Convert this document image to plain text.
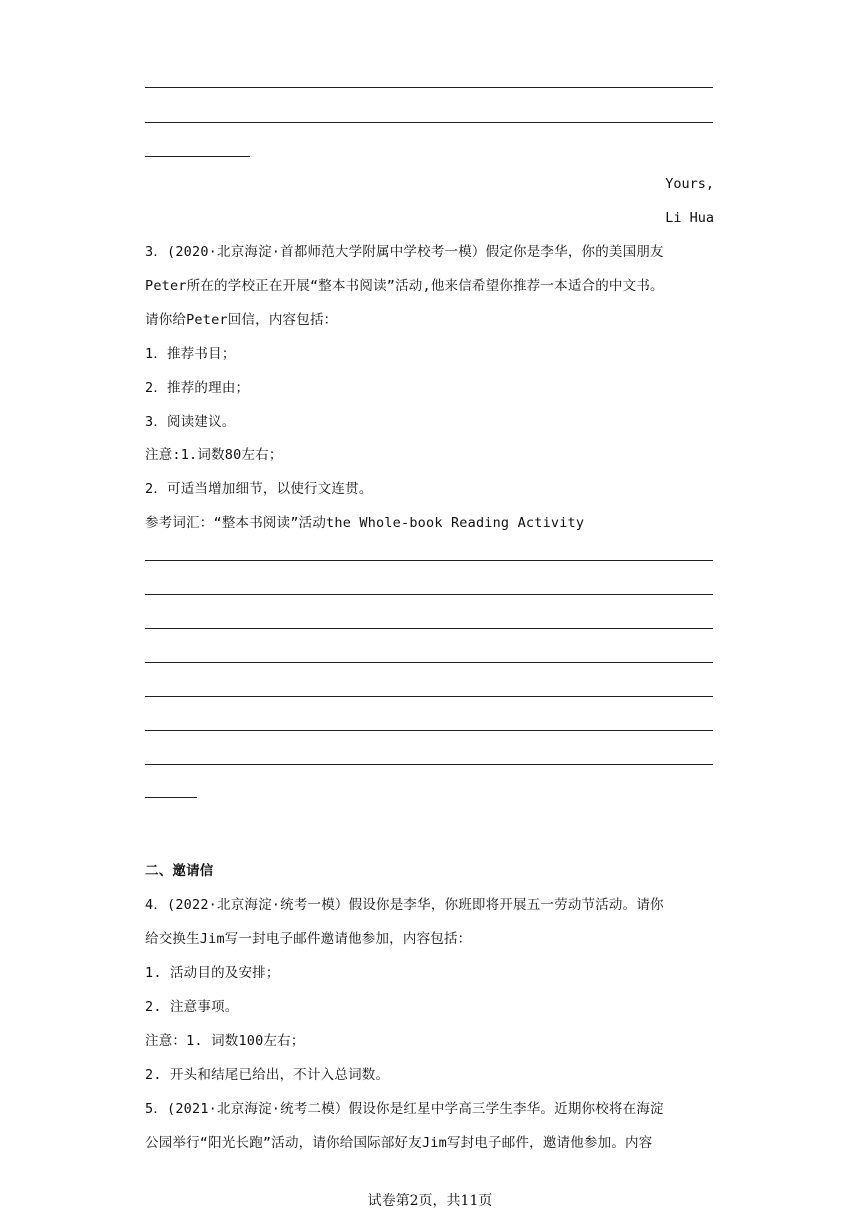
Yours,
Li Hua
3．(2020·北京海淀·首都师范大学附属中学校考一模）假定你是李华，你的美国朋友
Peter所在的学校正在开展“整本书阅读”活动,他来信希望你推荐一本适合的中文书。
请你给Peter回信，内容包括：
1．推荐书目；
2．推荐的理由；
3．阅读建议。
注意:1.词数80左右；
2．可适当增加细节，以使行文连贯。
参考词汇：“整本书阅读”活动the Whole-book Reading Activity
二、邀请信
4．(2022·北京海淀·统考一模）假设你是李华，你班即将开展五一劳动节活动。请你
给交换生Jim写一封电子邮件邀请他参加，内容包括：
1. 活动目的及安排；
2. 注意事项。
注意：1. 词数100左右；
2. 开头和结尾已给出，不计入总词数。
5．(2021·北京海淀·统考二模）假设你是红星中学高三学生李华。近期你校将在海淀
公园举行“阳光长跑”活动，请你给国际部好友Jim写封电子邮件，邀请他参加。内容
试卷第2页，共11页
